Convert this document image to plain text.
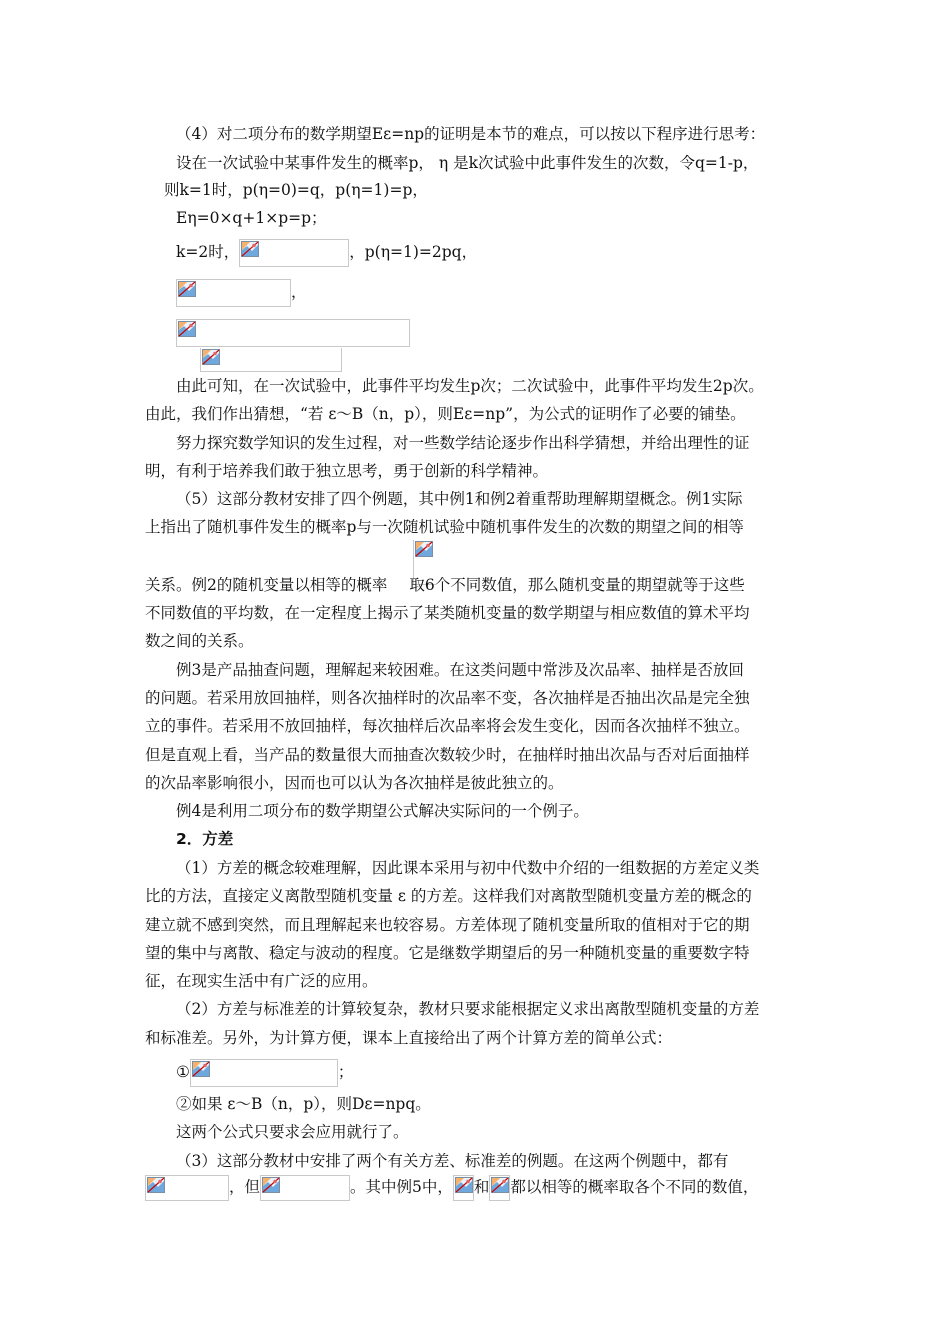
（4）对二项分布的数学期望Eε=np的证明是本节的难点，可以按以下程序进行思考：
设在一次试验中某事件发生的概率p， η 是k次试验中此事件发生的次数，令q=1-p，
则k=1时，p(η=0)=q，p(η=1)=p，
Eη=0×q+1×p=p；
k=2时，	，p(η=1)=2pq，
，
由此可知，在一次试验中，此事件平均发生p次；二次试验中，此事件平均发生2p次。
由此，我们作出猜想，“若 ε～B（n，p），则Eε=np”，为公式的证明作了必要的铺垫。
努力探究数学知识的发生过程，对一些数学结论逐步作出科学猜想，并给出理性的证
明，有利于培养我们敢于独立思考，勇于创新的科学精神。
（5）这部分教材安排了四个例题，其中例1和例2着重帮助理解期望概念。例1实际
上指出了随机事件发生的概率p与一次随机试验中随机事件发生的次数的期望之间的相等
关系。例2的随机变量以相等的概率 取6个不同数值，那么随机变量的期望就等于这些
不同数值的平均数，在一定程度上揭示了某类随机变量的数学期望与相应数值的算术平均
数之间的关系。
例3是产品抽查问题，理解起来较困难。在这类问题中常涉及次品率、抽样是否放回
的问题。若采用放回抽样，则各次抽样时的次品率不变，各次抽样是否抽出次品是完全独
立的事件。若采用不放回抽样，每次抽样后次品率将会发生变化，因而各次抽样不独立。
但是直观上看，当产品的数量很大而抽查次数较少时，在抽样时抽出次品与否对后面抽样
的次品率影响很小，因而也可以认为各次抽样是彼此独立的。
例4是利用二项分布的数学期望公式解决实际问的一个例子。
2．方差
（1）方差的概念较难理解，因此课本采用与初中代数中介绍的一组数据的方差定义类
比的方法，直接定义离散型随机变量 ε 的方差。这样我们对离散型随机变量方差的概念的
建立就不感到突然，而且理解起来也较容易。方差体现了随机变量所取的值相对于它的期
望的集中与离散、稳定与波动的程度。它是继数学期望后的另一种随机变量的重要数字特
征，在现实生活中有广泛的应用。
（2）方差与标准差的计算较复杂，教材只要求能根据定义求出离散型随机变量的方差
和标准差。另外，为计算方便，课本上直接给出了两个计算方差的简单公式：
①	；
②如果 ε～B（n，p），则Dε=npq。
这两个公式只要求会应用就行了。
（3）这部分教材中安排了两个有关方差、标准差的例题。在这两个例题中，都有
，但	。其中例5中， 和 都以相等的概率取各个不同的数值，
